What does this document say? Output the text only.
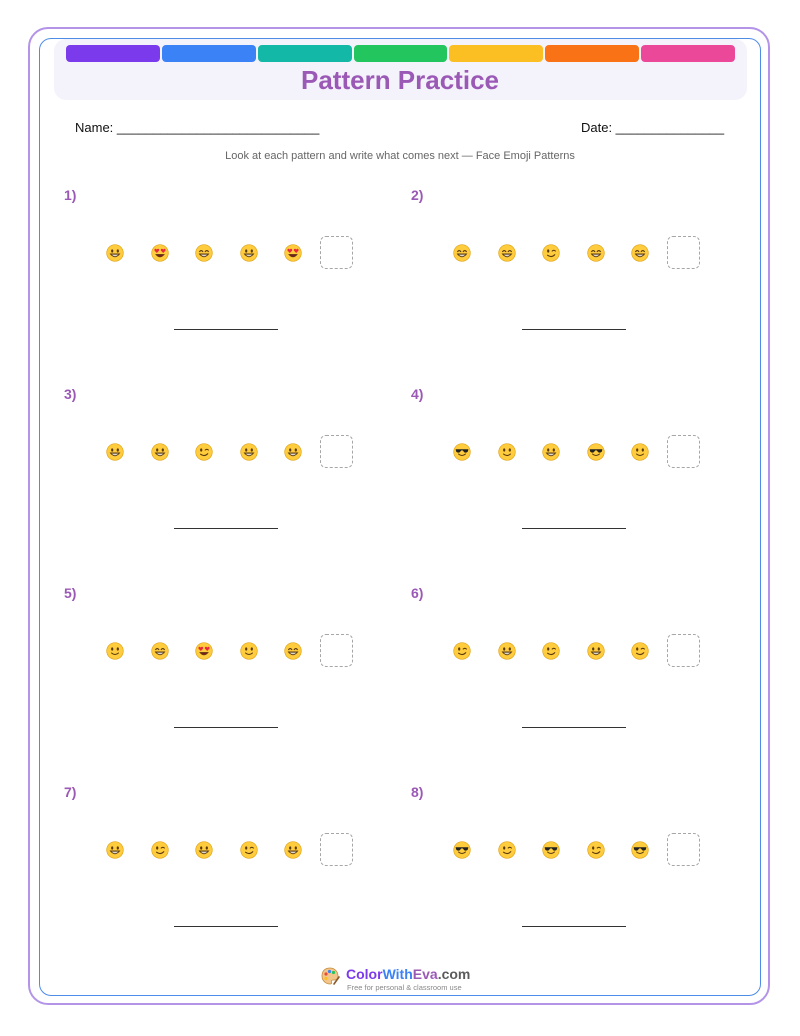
Pattern Practice
Name: ____________________________	Date: _______________
Look at each pattern and write what comes next — Face Emoji Patterns
1)	2)
3)	4)
5)	6)
7)	8)
ColorWithEva.com
Free for personal & classroom use
